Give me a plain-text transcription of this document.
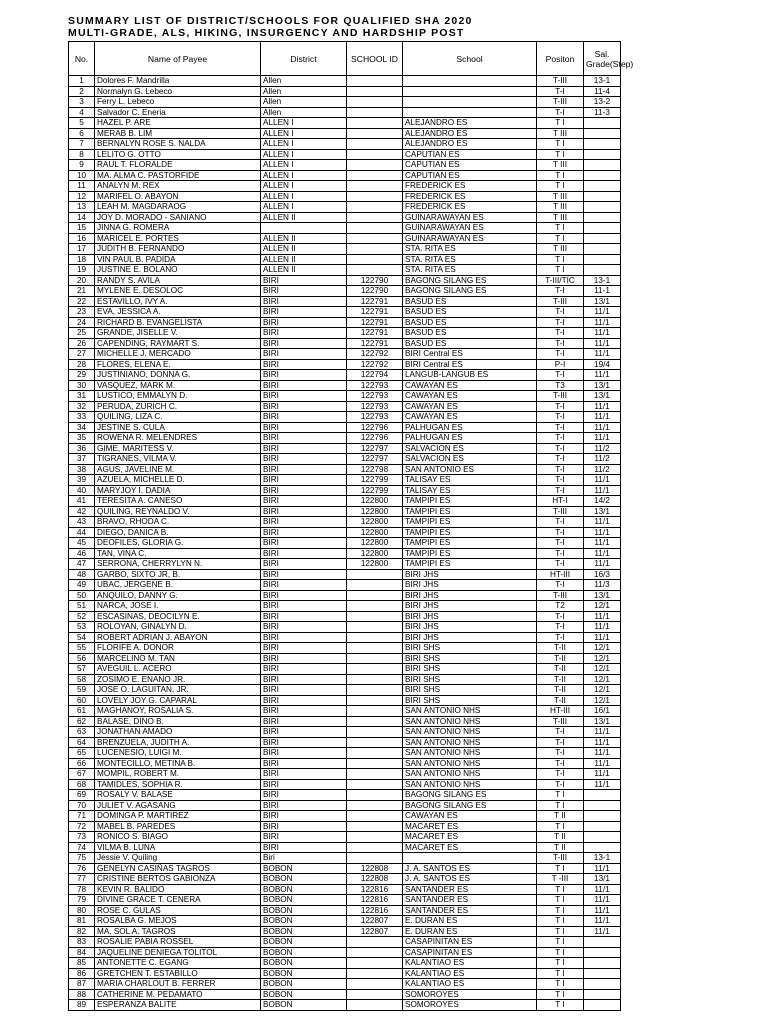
SUMMARY LIST OF DISTRICT/SCHOOLS FOR QUALIFIED SHA 2020
MULTI-GRADE, ALS, HIKING, INSURGENCY AND HARDSHIP POST
No.	Name of Payee	District	SCHOOL ID	School	Positon	Sal. Grade(Step)
1	Dolores F. Mandrilla	Allen			T-III	13-1
2	Normalyn G. Lebeco	Allen			T-I	11-4
3	Ferry L. Lebeco	Allen			T-III	13-2
4	Salvador C. Eneria	Allen			T-I	11-3
5	HAZEL P. ARE	ALLEN I		ALEJANDRO ES	T I	
6	MERAB B. LIM	ALLEN I		ALEJANDRO ES	T III	
7	BERNALYN ROSE S. NALDA	ALLEN I		ALEJANDRO ES	T I	
8	LELITO G. OTTO	ALLEN I		CAPUTIAN ES	T I	
9	RAUL T. FLORALDE	ALLEN I		CAPUTIAN ES	T III	
10	MA. ALMA C. PASTORFIDE	ALLEN I		CAPUTIAN ES	T I	
11	ANALYN M. REX	ALLEN I		FREDERICK ES	T I	
12	MARIFEL O. ABAYON	ALLEN I		FREDERICK ES	T III	
13	LEAH M. MAGDARAOG	ALLEN I		FREDERICK ES	T III	
14	JOY D. MORADO - SANIANO	ALLEN II		GUINARAWAYAN ES	T III	
15	JINNA G. ROMERA			GUINARAWAYAN ES	T I	
16	MARICEL E. PORTES	ALLEN II		GUINARAWAYAN ES	T I	
17	JUDITH B. FERNANDO	ALLEN II		STA. RITA ES	T III	
18	VIN PAUL B. PADIDA	ALLEN II		STA. RITA ES	T I	
19	JUSTINE E. BOLANO	ALLEN II		STA. RITA ES	T I	
20	RANDY S. AVILA	BIRI	122790	BAGONG SILANG ES	T-III/TIC	13-1
21	MYLENE E. DESOLOC	BIRI	122790	BAGONG SILANG ES	T-I	11-1
22	ESTAVILLO, IVY A.	BIRI	122791	BASUD ES	T-III	13/1
23	EVA, JESSICA A.	BIRI	122791	BASUD ES	T-I	11/1
24	RICHARD B. EVANGELISTA	BIRI	122791	BASUD ES	T-I	11/1
25	GRANDE, JISELLE V.	BIRI	122791	BASUD ES	T-I	11/1
26	CAPENDING, RAYMART S.	BIRI	122791	BASUD ES	T-I	11/1
27	MICHELLE J. MERCADO	BIRI	122792	BIRI Central ES	T-I	11/1
28	FLORES, ELENA E.	BIRI	122792	BIRI Central ES	P-I	19/4
29	JUSTINIANO, DONNA G.	BIRI	122794	LANGUB-LANGUB ES	T-I	11/1
30	VASQUEZ, MARK M.	BIRI	122793	CAWAYAN ES	T3	13/1
31	LUSTICO, EMMALYN D.	BIRI	122793	CAWAYAN ES	T-III	13/1
32	PERUDA, ZURICH C.	BIRI	122793	CAWAYAN ES	T-I	11/1
33	QUILING, LIZA C.	BIRI	122793	CAWAYAN ES	T-I	11/1
34	JESTINE S. CULA	BIRI	122796	PALHUGAN ES	T-I	11/1
35	ROWENA R. MELENDRES	BIRI	122796	PALHUGAN ES	T-I	11/1
36	GIME, MARITESS V.	BIRI	122797	SALVACION ES	T-I	11/2
37	TIGRANES, VILMA V.	BIRI	122797	SALVACION ES	T-I	11/2
38	AGUS, JAVELINE M.	BIRI	122798	SAN ANTONIO ES	T-I	11/2
39	AZUELA, MICHELLE D.	BIRI	122799	TALISAY ES	T-I	11/1
40	MARYJOY I. DADIA	BIRI	122799	TALISAY ES	T-I	11/1
41	TERESITA A. CANESO	BIRI	122800	TAMPIPI ES	HT-I	14/2
42	QUILING, REYNALDO V.	BIRI	122800	TAMPIPI ES	T-III	13/1
43	BRAVO, RHODA C.	BIRI	122800	TAMPIPI ES	T-I	11/1
44	DIEGO, DANICA B.	BIRI	122800	TAMPIPI ES	T-I	11/1
45	DEOFILES, GLORIA G.	BIRI	122800	TAMPIPI ES	T-I	11/1
46	TAN, VINA C.	BIRI	122800	TAMPIPI ES	T-I	11/1
47	SERRONA, CHERRYLYN N.	BIRI	122800	TAMPIPI ES	T-I	11/1
48	GARBO, SIXTO JR, B.	BIRI		BIRI JHS	HT-III	16/3
49	UBAC, JERGENE B.	BIRI		BIRI JHS	T-I	11/3
50	ANQUILO, DANNY G.	BIRI		BIRI JHS	T-III	13/1
51	NARCA, JOSE I.	BIRI		BIRI JHS	T2	12/1
52	ESCASINAS, DEOCILYN E.	BIRI		BIRI JHS	T-I	11/1
53	ROLOYAN, GINALYN D.	BIRI		BIRI JHS	T-I	11/1
54	ROBERT ADRIAN J. ABAYON	BIRI		BIRI JHS	T-I	11/1
55	FLORIFE A. DONOR	BIRI		BIRI SHS	T-II	12/1
56	MARCELINO M. TAN	BIRI		BIRI SHS	T-II	12/1
57	AVEGUIL L. ACERO	BIRI		BIRI SHS	T-II	12/1
58	ZOSIMO E. ENANO JR.	BIRI		BIRI SHS	T-II	12/1
59	JOSE O. LAGUITAN, JR.	BIRI		BIRI SHS	T-II	12/1
60	LOVELY JOY G. CAPARAL	BIRI		BIRI SHS	T-II	12/1
61	MAGHANOY, ROSALIA S.	BIRI		SAN ANTONIO NHS	HT-III	16/1
62	BALASE, DINO B.	BIRI		SAN ANTONIO NHS	T-III	13/1
63	JONATHAN AMADO	BIRI		SAN ANTONIO NHS	T-I	11/1
64	BRENZUELA, JUDITH A.	BIRI		SAN ANTONIO NHS	T-I	11/1
65	LUCENESIO, LUIGI M.	BIRI		SAN ANTONIO NHS	T-I	11/1
66	MONTECILLO, METINA B.	BIRI		SAN ANTONIO NHS	T-I	11/1
67	MOMPIL, ROBERT M.	BIRI		SAN ANTONIO NHS	T-I	11/1
68	TAMIDLES, SOPHIA R.	BIRI		SAN ANTONIO NHS	T-I	11/1
69	ROSALY V. BALASE	BIRI		BAGONG SILANG ES	T I	
70	JULIET V. AGASANG	BIRI		BAGONG SILANG ES	T I	
71	DOMINGA P. MARTIREZ	BIRI		CAWAYAN ES	T II	
72	MABEL B. PAREDES	BIRI		MACARET ES	T I	
73	RONICO S. BIAGO	BIRI		MACARET ES	T II	
74	VILMA B. LUNA	BIRI		MACARET ES	T II	
75	Jessie V. Quiling	Biri			T-III	13-1
76	GENELYN CASIÑAS TAGROS	BOBON	122808	J. A. SANTOS ES	T I	11/1
77	CRISTINE BERTOS GABIONZA	BOBON	122808	J. A. SANTOS ES	T -III	13/1
78	KEVIN R. BALIDO	BOBON	122816	SANTANDER ES	T I	11/1
79	DIVINE GRACE T. CENERA	BOBON	122816	SANTANDER ES	T I	11/1
80	ROSE C. GULAS	BOBON	122816	SANTANDER ES	T I	11/1
81	ROSALBA G. MEJOS	BOBON	122807	E. DURAN ES	T I	11/1
82	MA. SOL A. TAGROS	BOBON	122807	E. DURAN ES	T I	11/1
83	ROSALIE PABIA ROSSEL	BOBON		CASAPINITAN ES	T I	
84	JAQUELINE DENIEGA TOLITOL	BOBON		CASAPINITAN ES	T I	
85	ANTONETTE C. EGANG	BOBON		KALANTIAO ES	T I	
86	GRETCHEN T. ESTABILLO	BOBON		KALANTIAO ES	T I	
87	MARIA CHARLOUT B. FERRER	BOBON		KALANTIAO ES	T I	
88	CATHERINE M. PEDAMATO	BOBON		SOMOROYES	T I	
89	ESPERANZA BALITE	BOBON		SOMOROYES	T I	
